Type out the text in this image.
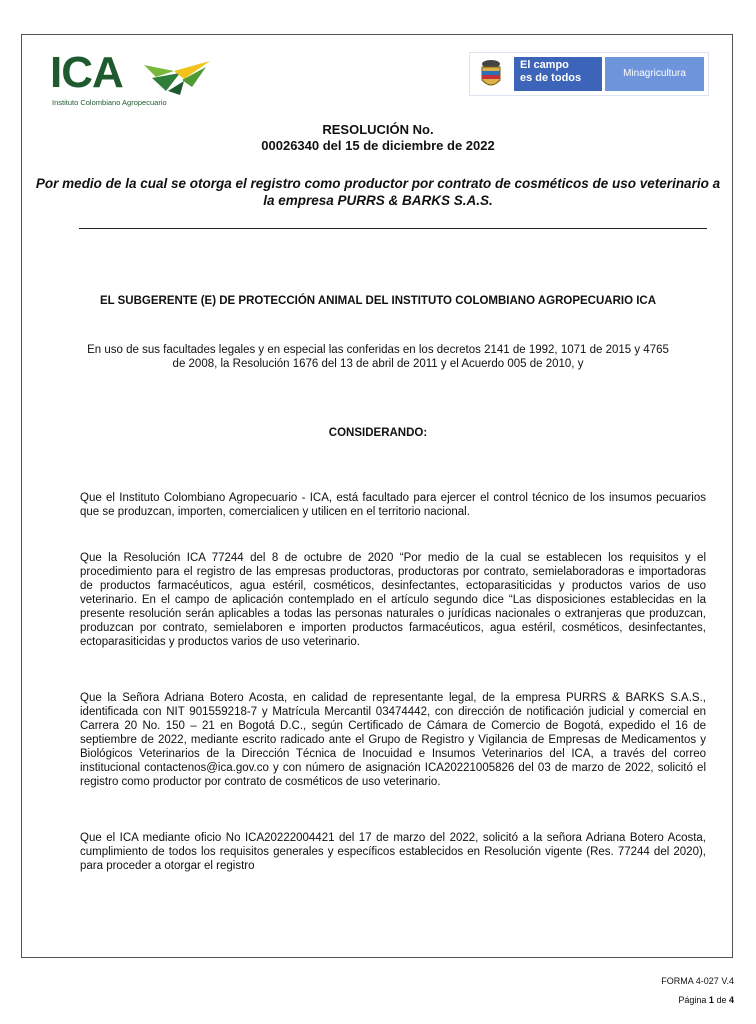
ICA
Instituto Colombiano Agropecuario
El campo
es de todos	Minagricultura
RESOLUCIÓN No.
00026340 del 15 de diciembre de 2022
Por medio de la cual se otorga el registro como productor por contrato de cosméticos de uso veterinario a la empresa PURRS & BARKS S.A.S.
EL SUBGERENTE (E) DE PROTECCIÓN ANIMAL DEL INSTITUTO COLOMBIANO AGROPECUARIO ICA
En uso de sus facultades legales y en especial las conferidas en los decretos 2141 de 1992, 1071 de 2015 y 4765 de 2008, la Resolución 1676 del 13 de abril de 2011 y el Acuerdo 005 de 2010, y
CONSIDERANDO:
Que el Instituto Colombiano Agropecuario - ICA, está facultado para ejercer el control técnico de los insumos pecuarios que se produzcan, importen, comercialicen y utilicen en el territorio nacional.
Que la Resolución ICA 77244 del 8 de octubre de 2020 “Por medio de la cual se establecen los requisitos y el procedimiento para el registro de las empresas productoras, productoras por contrato, semielaboradoras e importadoras de productos farmacéuticos, agua estéril, cosméticos, desinfectantes, ectoparasiticidas y productos varios de uso veterinario. En el campo de aplicación contemplado en el artículo segundo dice “Las disposiciones establecidas en la presente resolución serán aplicables a todas las personas naturales o jurídicas nacionales o extranjeras que produzcan, produzcan por contrato, semielaboren e importen productos farmacéuticos, agua estéril, cosméticos, desinfectantes, ectoparasiticidas y productos varios de uso veterinario.
Que la Señora Adriana Botero Acosta, en calidad de representante legal, de la empresa PURRS & BARKS S.A.S., identificada con NIT 901559218-7 y Matrícula Mercantil 03474442, con dirección de notificación judicial y comercial en Carrera 20 No. 150 – 21 en Bogotá D.C., según Certificado de Cámara de Comercio de Bogotá, expedido el 16 de septiembre de 2022, mediante escrito radicado ante el Grupo de Registro y Vigilancia de Empresas de Medicamentos y Biológicos Veterinarios de la Dirección Técnica de Inocuidad e Insumos Veterinarios del ICA, a través del correo institucional contactenos@ica.gov.co y con número de asignación ICA20221005826 del 03 de marzo de 2022, solicitó el registro como productor por contrato de cosméticos de uso veterinario.
Que el ICA mediante oficio No ICA20222004421 del 17 de marzo del 2022, solicitó a la señora Adriana Botero Acosta, cumplimiento de todos los requisitos generales y específicos establecidos en Resolución vigente (Res. 77244 del 2020), para proceder a otorgar el registro
FORMA 4-027 V.4
Página 1 de 4
